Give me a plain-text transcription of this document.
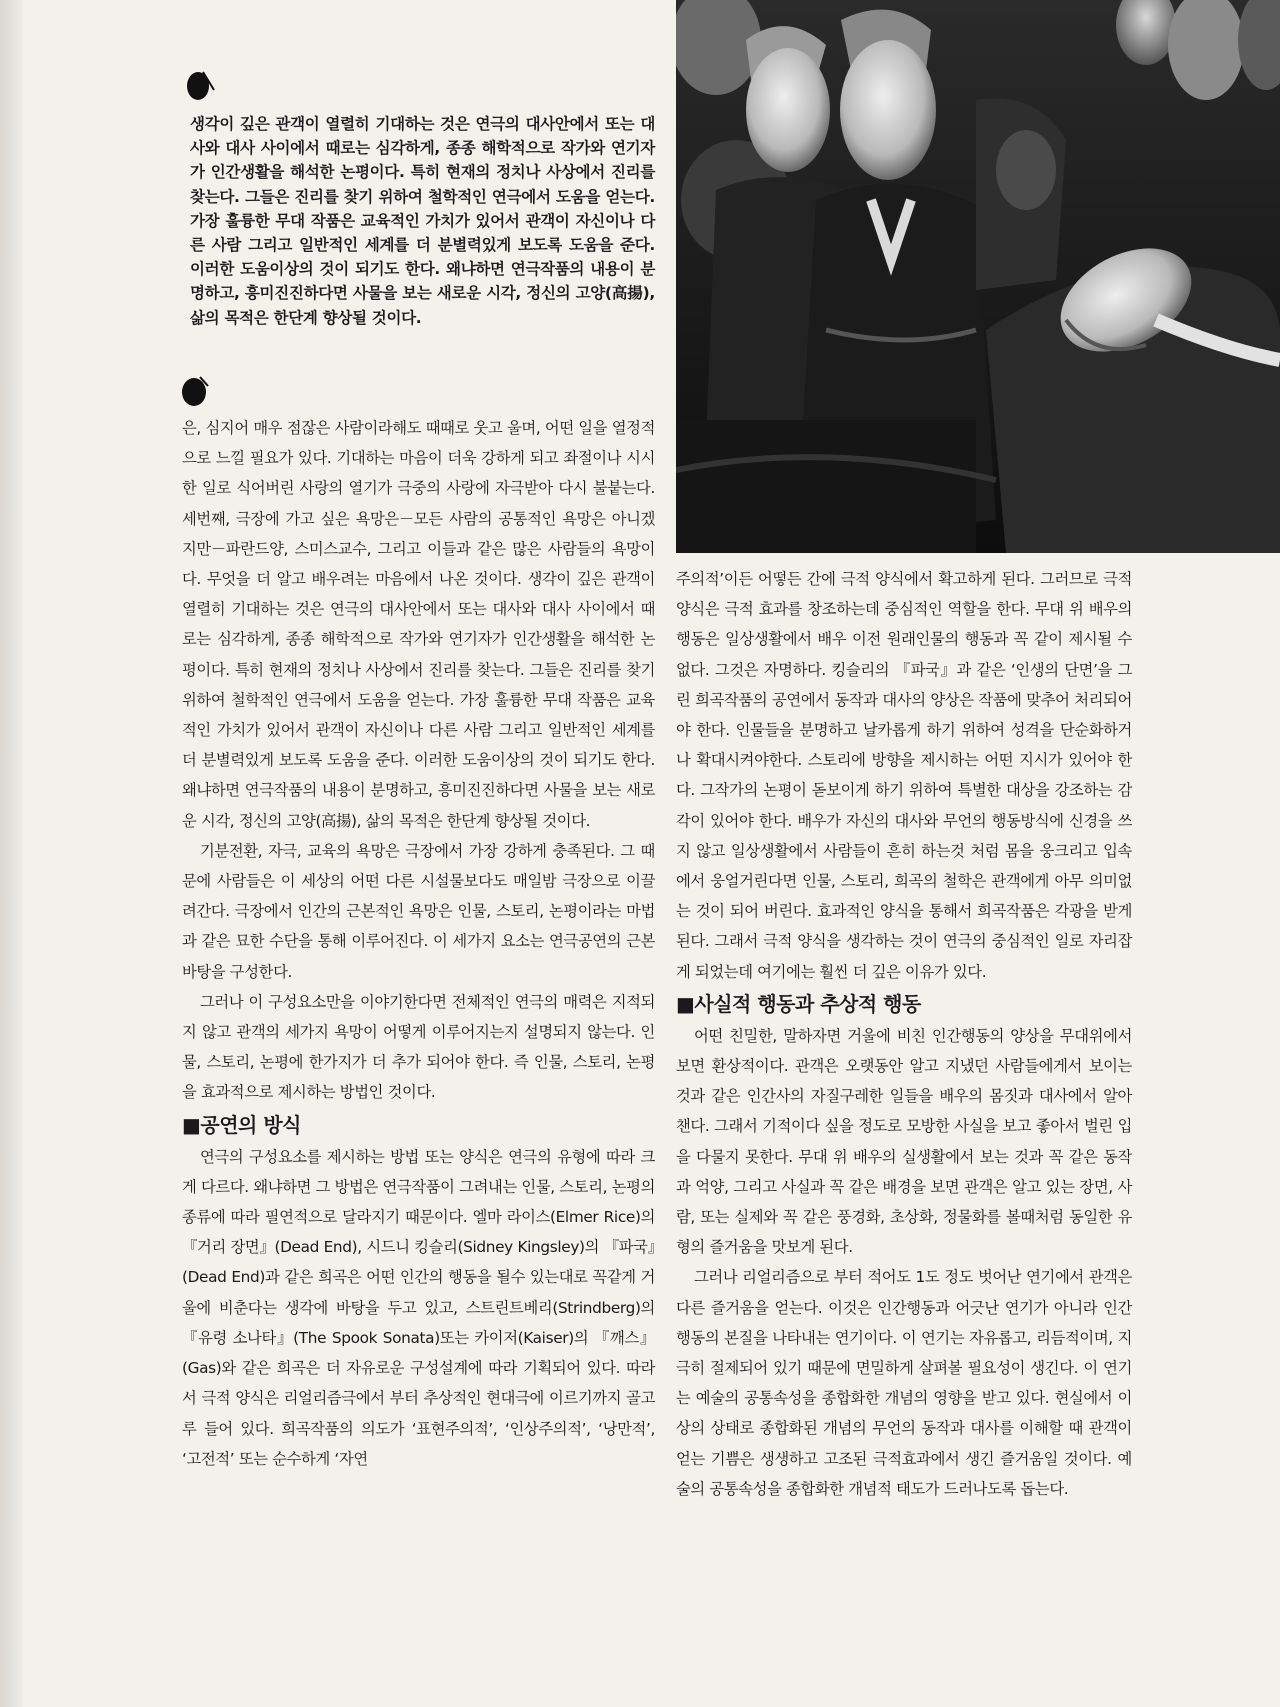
생각이 깊은 관객이 열렬히 기대하는 것은 연극의 대사안에서 또는 대사와 대사 사이에서 때로는 심각하게, 종종 해학적으로 작가와 연기자가 인간생활을 해석한 논평이다. 특히 현재의 정치나 사상에서 진리를 찾는다. 그들은 진리를 찾기 위하여 철학적인 연극에서 도움을 얻는다. 가장 훌륭한 무대 작품은 교육적인 가치가 있어서 관객이 자신이나 다른 사람 그리고 일반적인 세계를 더 분별력있게 보도록 도움을 준다. 이러한 도움이상의 것이 되기도 한다. 왜냐하면 연극작품의 내용이 분명하고, 흥미진진하다면 사물을 보는 새로운 시각, 정신의 고양(高揚), 삶의 목적은 한단계 향상될 것이다.

은, 심지어 매우 점잖은 사람이라해도 때때로 웃고 울며, 어떤 일을 열정적으로 느낄 필요가 있다. 기대하는 마음이 더욱 강하게 되고 좌절이나 시시한 일로 식어버린 사랑의 열기가 극중의 사랑에 자극받아 다시 불붙는다. 세번째, 극장에 가고 싶은 욕망은－모든 사람의 공통적인 욕망은 아니겠지만－파란드양, 스미스교수, 그리고 이들과 같은 많은 사람들의 욕망이다. 무엇을 더 알고 배우려는 마음에서 나온 것이다. 생각이 깊은 관객이 열렬히 기대하는 것은 연극의 대사안에서 또는 대사와 대사 사이에서 때로는 심각하게, 종종 해학적으로 작가와 연기자가 인간생활을 해석한 논평이다. 특히 현재의 정치나 사상에서 진리를 찾는다. 그들은 진리를 찾기 위하여 철학적인 연극에서 도움을 얻는다. 가장 훌륭한 무대 작품은 교육적인 가치가 있어서 관객이 자신이나 다른 사람 그리고 일반적인 세계를 더 분별력있게 보도록 도움을 준다. 이러한 도움이상의 것이 되기도 한다. 왜냐하면 연극작품의 내용이 분명하고, 흥미진진하다면 사물을 보는 새로운 시각, 정신의 고양(高揚), 삶의 목적은 한단계 향상될 것이다.

기분전환, 자극, 교육의 욕망은 극장에서 가장 강하게 충족된다. 그 때문에 사람들은 이 세상의 어떤 다른 시설물보다도 매일밤 극장으로 이끌려간다. 극장에서 인간의 근본적인 욕망은 인물, 스토리, 논평이라는 마법과 같은 묘한 수단을 통해 이루어진다. 이 세가지 요소는 연극공연의 근본 바탕을 구성한다.

그러나 이 구성요소만을 이야기한다면 전체적인 연극의 매력은 지적되지 않고 관객의 세가지 욕망이 어떻게 이루어지는지 설명되지 않는다. 인물, 스토리, 논평에 한가지가 더 추가 되어야 한다. 즉 인물, 스토리, 논평을 효과적으로 제시하는 방법인 것이다.

■공연의 방식

연극의 구성요소를 제시하는 방법 또는 양식은 연극의 유형에 따라 크게 다르다. 왜냐하면 그 방법은 연극작품이 그려내는 인물, 스토리, 논평의 종류에 따라 필연적으로 달라지기 때문이다. 엘마 라이스(Elmer Rice)의 『거리 장면』(Dead End), 시드니 킹슬리(Sidney Kingsley)의 『파국』(Dead End)과 같은 희곡은 어떤 인간의 행동을 될수 있는대로 꼭같게 거울에 비춘다는 생각에 바탕을 두고 있고, 스트린트베리(Strindberg)의 『유령 소나타』(The Spook Sonata)또는 카이저(Kaiser)의 『깨스』(Gas)와 같은 희곡은 더 자유로운 구성설계에 따라 기획되어 있다. 따라서 극적 양식은 리얼리즘극에서 부터 추상적인 현대극에 이르기까지 골고루 들어 있다. 희곡작품의 의도가 ‘표현주의적’, ‘인상주의적’, ‘낭만적’, ‘고전적’ 또는 순수하게 ‘자연

주의적’이든 어떻든 간에 극적 양식에서 확고하게 된다. 그러므로 극적 양식은 극적 효과를 창조하는데 중심적인 역할을 한다. 무대 위 배우의 행동은 일상생활에서 배우 이전 원래인물의 행동과 꼭 같이 제시될 수 없다. 그것은 자명하다. 킹슬리의 『파국』과 같은 ‘인생의 단면’을 그린 희곡작품의 공연에서 동작과 대사의 양상은 작품에 맞추어 처리되어야 한다. 인물들을 분명하고 날카롭게 하기 위하여 성격을 단순화하거나 확대시켜야한다. 스토리에 방향을 제시하는 어떤 지시가 있어야 한다. 그작가의 논평이 돋보이게 하기 위하여 특별한 대상을 강조하는 감각이 있어야 한다. 배우가 자신의 대사와 무언의 행동방식에 신경을 쓰지 않고 일상생활에서 사람들이 흔히 하는것 처럼 몸을 웅크리고 입속에서 웅얼거린다면 인물, 스토리, 희곡의 철학은 관객에게 아무 의미없는 것이 되어 버린다. 효과적인 양식을 통해서 희곡작품은 각광을 받게 된다. 그래서 극적 양식을 생각하는 것이 연극의 중심적인 일로 자리잡게 되었는데 여기에는 훨씬 더 깊은 이유가 있다.

■사실적 행동과 추상적 행동

어떤 친밀한, 말하자면 거울에 비친 인간행동의 양상을 무대위에서 보면 환상적이다. 관객은 오랫동안 알고 지냈던 사람들에게서 보이는 것과 같은 인간사의 자질구레한 일들을 배우의 몸짓과 대사에서 알아 챈다. 그래서 기적이다 싶을 정도로 모방한 사실을 보고 좋아서 벌린 입을 다물지 못한다. 무대 위 배우의 실생활에서 보는 것과 꼭 같은 동작과 억양, 그리고 사실과 꼭 같은 배경을 보면 관객은 알고 있는 장면, 사람, 또는 실제와 꼭 같은 풍경화, 초상화, 정물화를 볼때처럼 동일한 유형의 즐거움을 맛보게 된다.

그러나 리얼리즘으로 부터 적어도 1도 정도 벗어난 연기에서 관객은 다른 즐거움을 얻는다. 이것은 인간행동과 어긋난 연기가 아니라 인간행동의 본질을 나타내는 연기이다. 이 연기는 자유롭고, 리듬적이며, 지극히 절제되어 있기 때문에 면밀하게 살펴볼 필요성이 생긴다. 이 연기는 예술의 공통속성을 종합화한 개념의 영향을 받고 있다. 현실에서 이상의 상태로 종합화된 개념의 무언의 동작과 대사를 이해할 때 관객이 얻는 기쁨은 생생하고 고조된 극적효과에서 생긴 즐거움일 것이다. 예술의 공통속성을 종합화한 개념적 태도가 드러나도록 돕는다.
